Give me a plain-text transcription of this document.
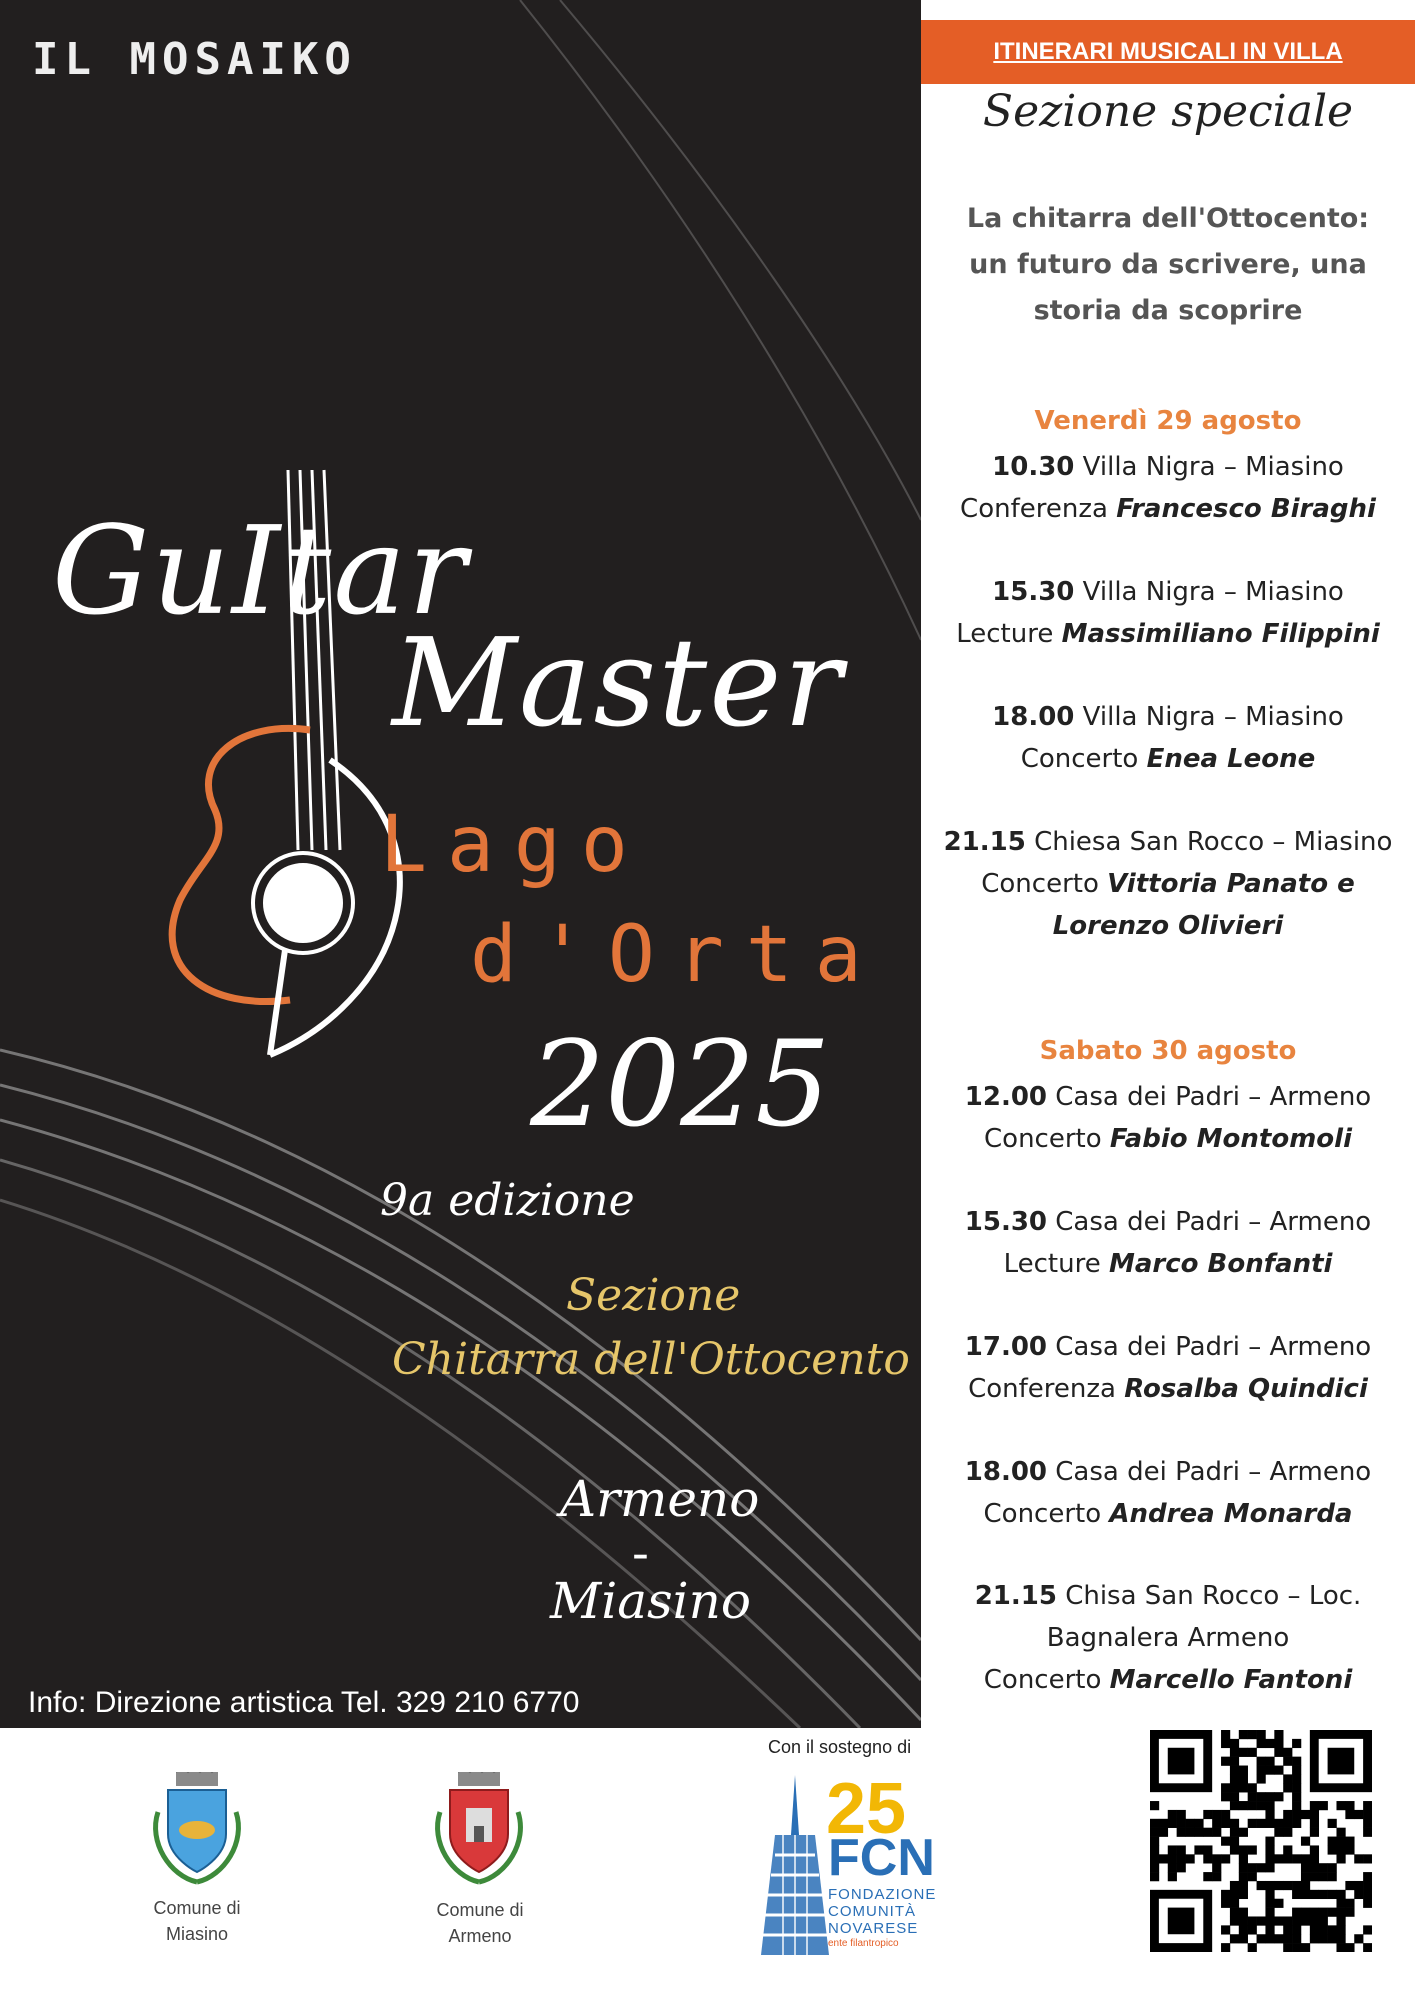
IL MOSAIKO
GuItar
Master
Lago
d'Orta
2025
9a edizione
Sezione
Chitarra dell'Ottocento
Armeno
-
Miasino
Info: Direzione artistica Tel. 329 210 6770
ITINERARI MUSICALI IN VILLA
Sezione speciale
La chitarra dell'Ottocento:
un futuro da scrivere, una
storia da scoprire
Venerdì 29 agosto
10.30 Villa Nigra – Miasino
Conferenza Francesco Biraghi
15.30 Villa Nigra – Miasino
Lecture Massimiliano Filippini
18.00 Villa Nigra – Miasino
Concerto Enea Leone
21.15 Chiesa San Rocco – Miasino
Concerto Vittoria Panato e
Lorenzo Olivieri
Sabato 30 agosto
12.00 Casa dei Padri – Armeno
Concerto Fabio Montomoli
15.30 Casa dei Padri – Armeno
Lecture Marco Bonfanti
17.00 Casa dei Padri – Armeno
Conferenza Rosalba Quindici
18.00 Casa dei Padri – Armeno
Concerto Andrea Monarda
21.15 Chisa San Rocco – Loc.
Bagnalera Armeno
Concerto Marcello Fantoni
Comune di
Miasino
Comune di
Armeno
Con il sostegno di
25
FCN
FONDAZIONE
COMUNITÀ
NOVARESE
ente filantropico
